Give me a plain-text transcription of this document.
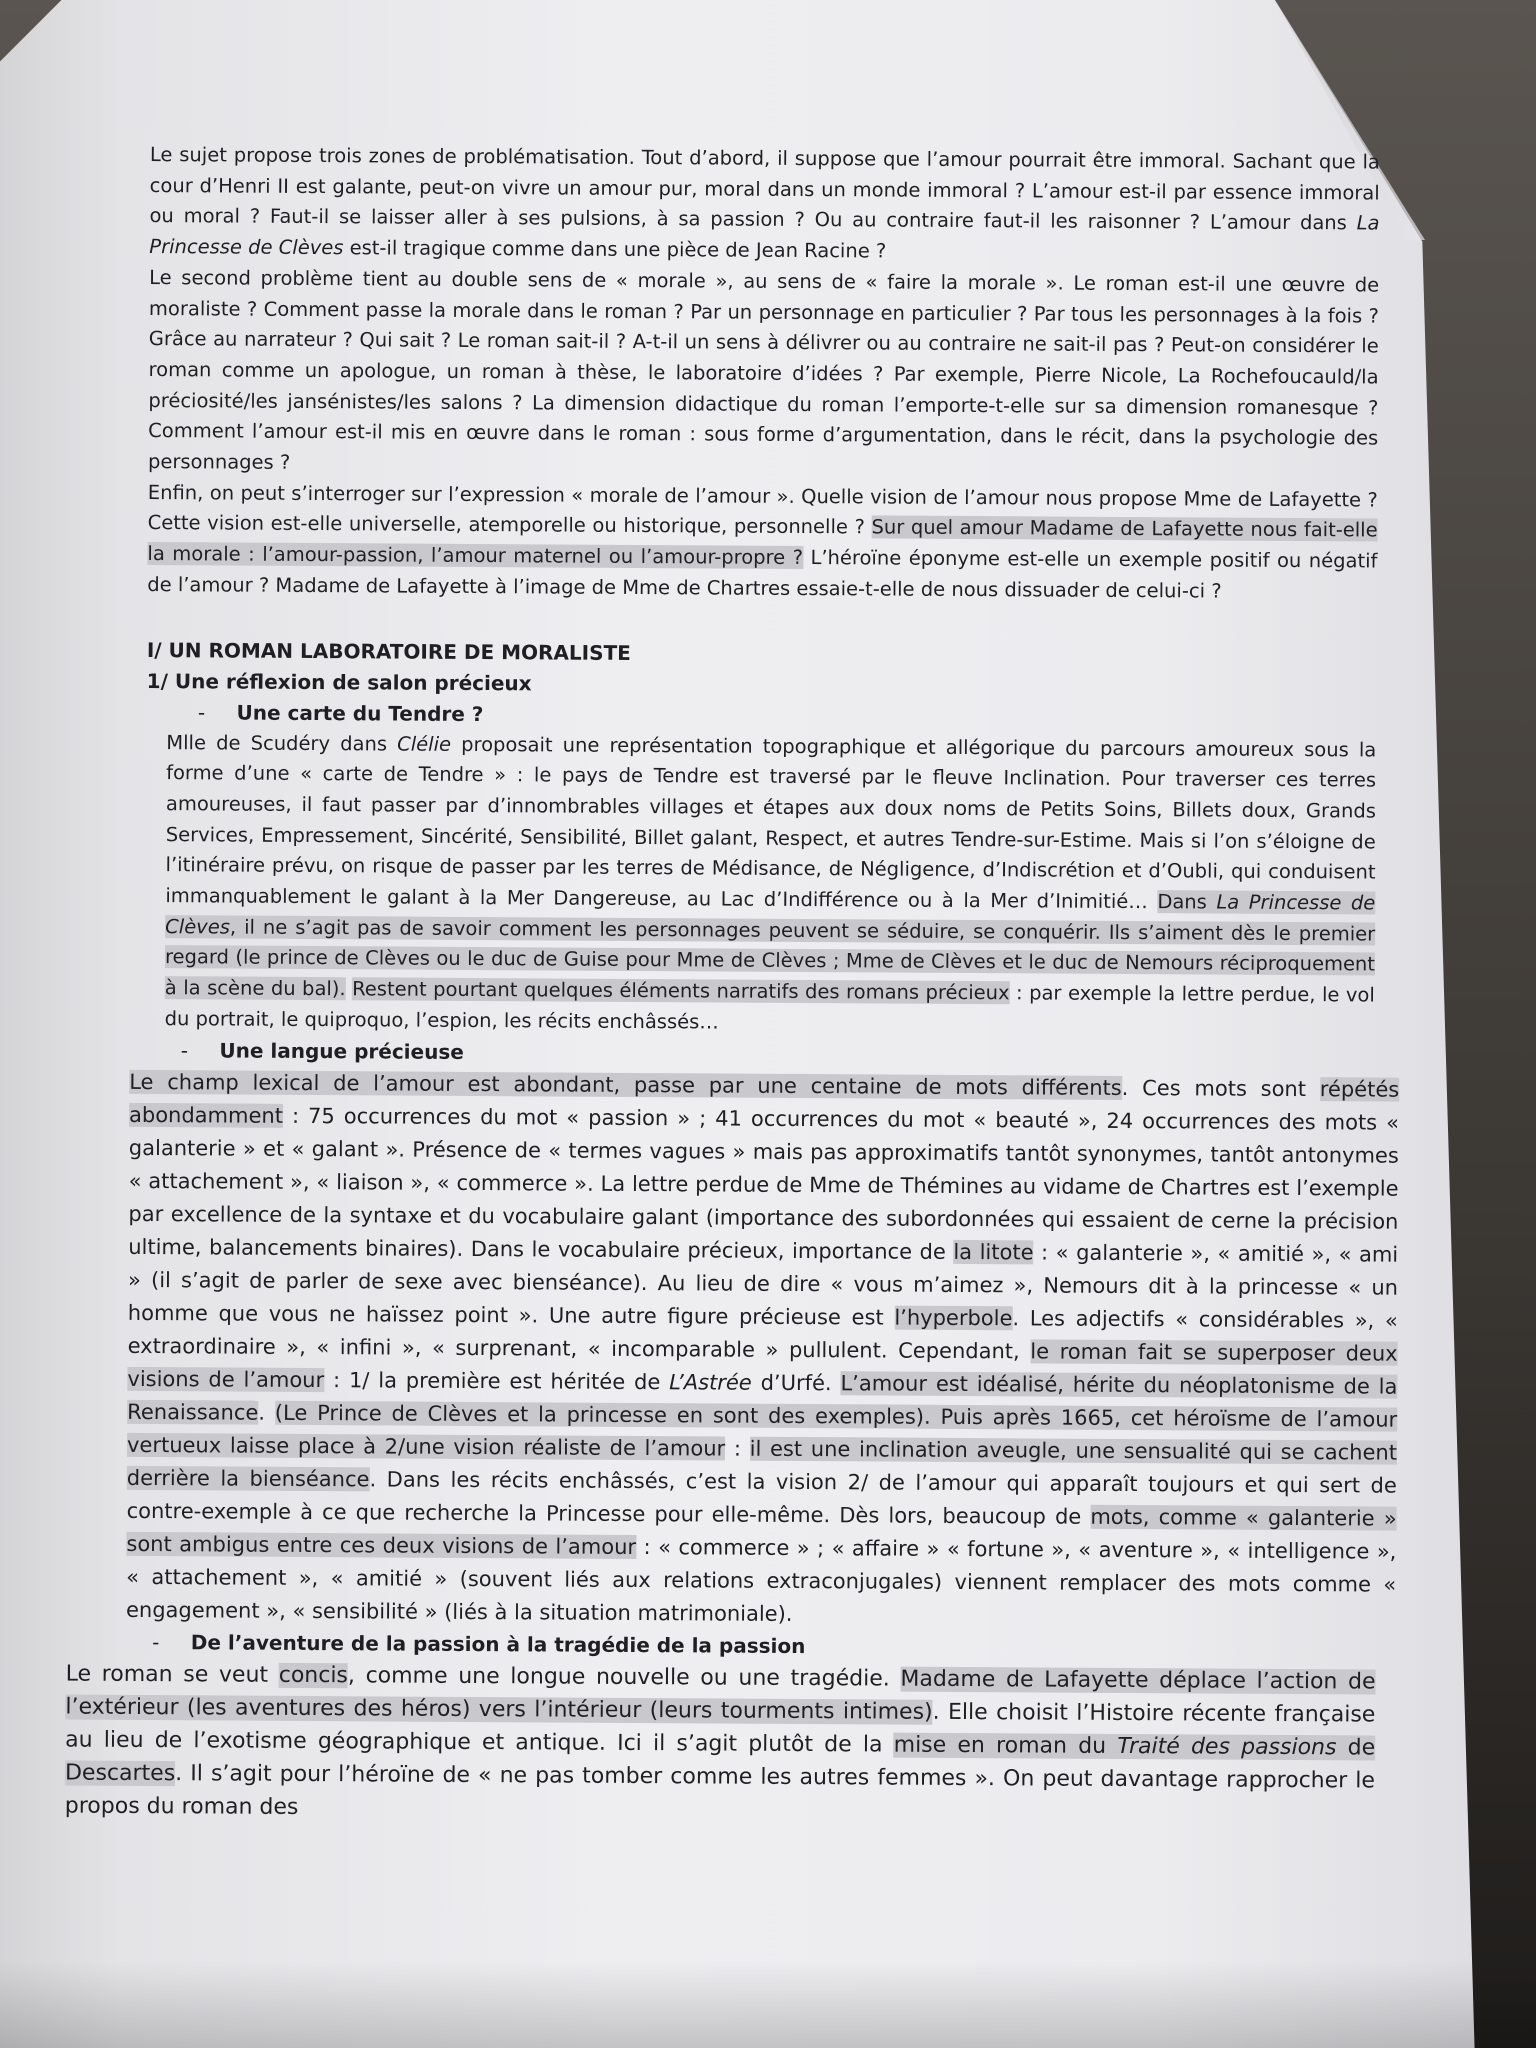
Le sujet propose trois zones de problématisation. Tout d’abord, il suppose que l’amour pourrait être immoral. Sachant que la cour d’Henri II est galante, peut-on vivre un amour pur, moral dans un monde immoral ? L’amour est-il par essence immoral ou moral ? Faut-il se laisser aller à ses pulsions, à sa passion ? Ou au contraire faut-il les raisonner ? L’amour dans La Princesse de Clèves est-il tragique comme dans une pièce de Jean Racine ?

Le second problème tient au double sens de « morale », au sens de « faire la morale ». Le roman est-il une œuvre de moraliste ? Comment passe la morale dans le roman ? Par un personnage en particulier ? Par tous les personnages à la fois ? Grâce au narrateur ? Qui sait ? Le roman sait-il ? A-t-il un sens à délivrer ou au contraire ne sait-il pas ? Peut-on considérer le roman comme un apologue, un roman à thèse, le laboratoire d’idées ? Par exemple, Pierre Nicole, La Rochefoucauld/la préciosité/les jansénistes/les salons ? La dimension didactique du roman l’emporte-t-elle sur sa dimension romanesque ? Comment l’amour est-il mis en œuvre dans le roman : sous forme d’argumentation, dans le récit, dans la psychologie des personnages ?

Enfin, on peut s’interroger sur l’expression « morale de l’amour ». Quelle vision de l’amour nous propose Mme de Lafayette ? Cette vision est-elle universelle, atemporelle ou historique, personnelle ? Sur quel amour Madame de Lafayette nous fait-elle la morale : l’amour-passion, l’amour maternel ou l’amour-propre ? L’héroïne éponyme est-elle un exemple positif ou négatif de l’amour ? Madame de Lafayette à l’image de Mme de Chartres essaie-t-elle de nous dissuader de celui-ci ?

I/ UN ROMAN LABORATOIRE DE MORALISTE

1/ Une réflexion de salon précieux

- Une carte du Tendre ?

Mlle de Scudéry dans Clélie proposait une représentation topographique et allégorique du parcours amoureux sous la forme d’une « carte de Tendre » : le pays de Tendre est traversé par le fleuve Inclination. Pour traverser ces terres amoureuses, il faut passer par d’innombrables villages et étapes aux doux noms de Petits Soins, Billets doux, Grands Services, Empressement, Sincérité, Sensibilité, Billet galant, Respect, et autres Tendre-sur-Estime. Mais si l’on s’éloigne de l’itinéraire prévu, on risque de passer par les terres de Médisance, de Négligence, d’Indiscrétion et d’Oubli, qui conduisent immanquablement le galant à la Mer Dangereuse, au Lac d’Indifférence ou à la Mer d’Inimitié… Dans La Princesse de Clèves, il ne s’agit pas de savoir comment les personnages peuvent se séduire, se conquérir. Ils s’aiment dès le premier regard (le prince de Clèves ou le duc de Guise pour Mme de Clèves ; Mme de Clèves et le duc de Nemours réciproquement à la scène du bal). Restent pourtant quelques éléments narratifs des romans précieux : par exemple la lettre perdue, le vol du portrait, le quiproquo, l’espion, les récits enchâssés…

- Une langue précieuse

Le champ lexical de l’amour est abondant, passe par une centaine de mots différents. Ces mots sont répétés abondamment : 75 occurrences du mot « passion » ; 41 occurrences du mot « beauté », 24 occurrences des mots « galanterie » et « galant ». Présence de « termes vagues » mais pas approximatifs tantôt synonymes, tantôt antonymes « attachement », « liaison », « commerce ». La lettre perdue de Mme de Thémines au vidame de Chartres est l’exemple par excellence de la syntaxe et du vocabulaire galant (importance des subordonnées qui essaient de cerne la précision ultime, balancements binaires). Dans le vocabulaire précieux, importance de la litote : « galanterie », « amitié », « ami » (il s’agit de parler de sexe avec bienséance). Au lieu de dire « vous m’aimez », Nemours dit à la princesse « un homme que vous ne haïssez point ». Une autre figure précieuse est l’hyperbole. Les adjectifs « considérables », « extraordinaire », « infini », « surprenant, « incomparable » pullulent. Cependant, le roman fait se superposer deux visions de l’amour : 1/ la première est héritée de L’Astrée d’Urfé. L’amour est idéalisé, hérite du néoplatonisme de la Renaissance. (Le Prince de Clèves et la princesse en sont des exemples). Puis après 1665, cet héroïsme de l’amour vertueux laisse place à 2/une vision réaliste de l’amour : il est une inclination aveugle, une sensualité qui se cachent derrière la bienséance. Dans les récits enchâssés, c’est la vision 2/ de l’amour qui apparaît toujours et qui sert de contre-exemple à ce que recherche la Princesse pour elle-même. Dès lors, beaucoup de mots, comme « galanterie » sont ambigus entre ces deux visions de l’amour : « commerce » ; « affaire » « fortune », « aventure », « intelligence », « attachement », « amitié » (souvent liés aux relations extraconjugales) viennent remplacer des mots comme « engagement », « sensibilité » (liés à la situation matrimoniale).

- De l’aventure de la passion à la tragédie de la passion

Le roman se veut concis, comme une longue nouvelle ou une tragédie. Madame de Lafayette déplace l’action de l’extérieur (les aventures des héros) vers l’intérieur (leurs tourments intimes). Elle choisit l’Histoire récente française au lieu de l’exotisme géographique et antique. Ici il s’agit plutôt de la mise en roman du Traité des passions de Descartes. Il s’agit pour l’héroïne de « ne pas tomber comme les autres femmes ». On peut davantage rapprocher le propos du roman des
